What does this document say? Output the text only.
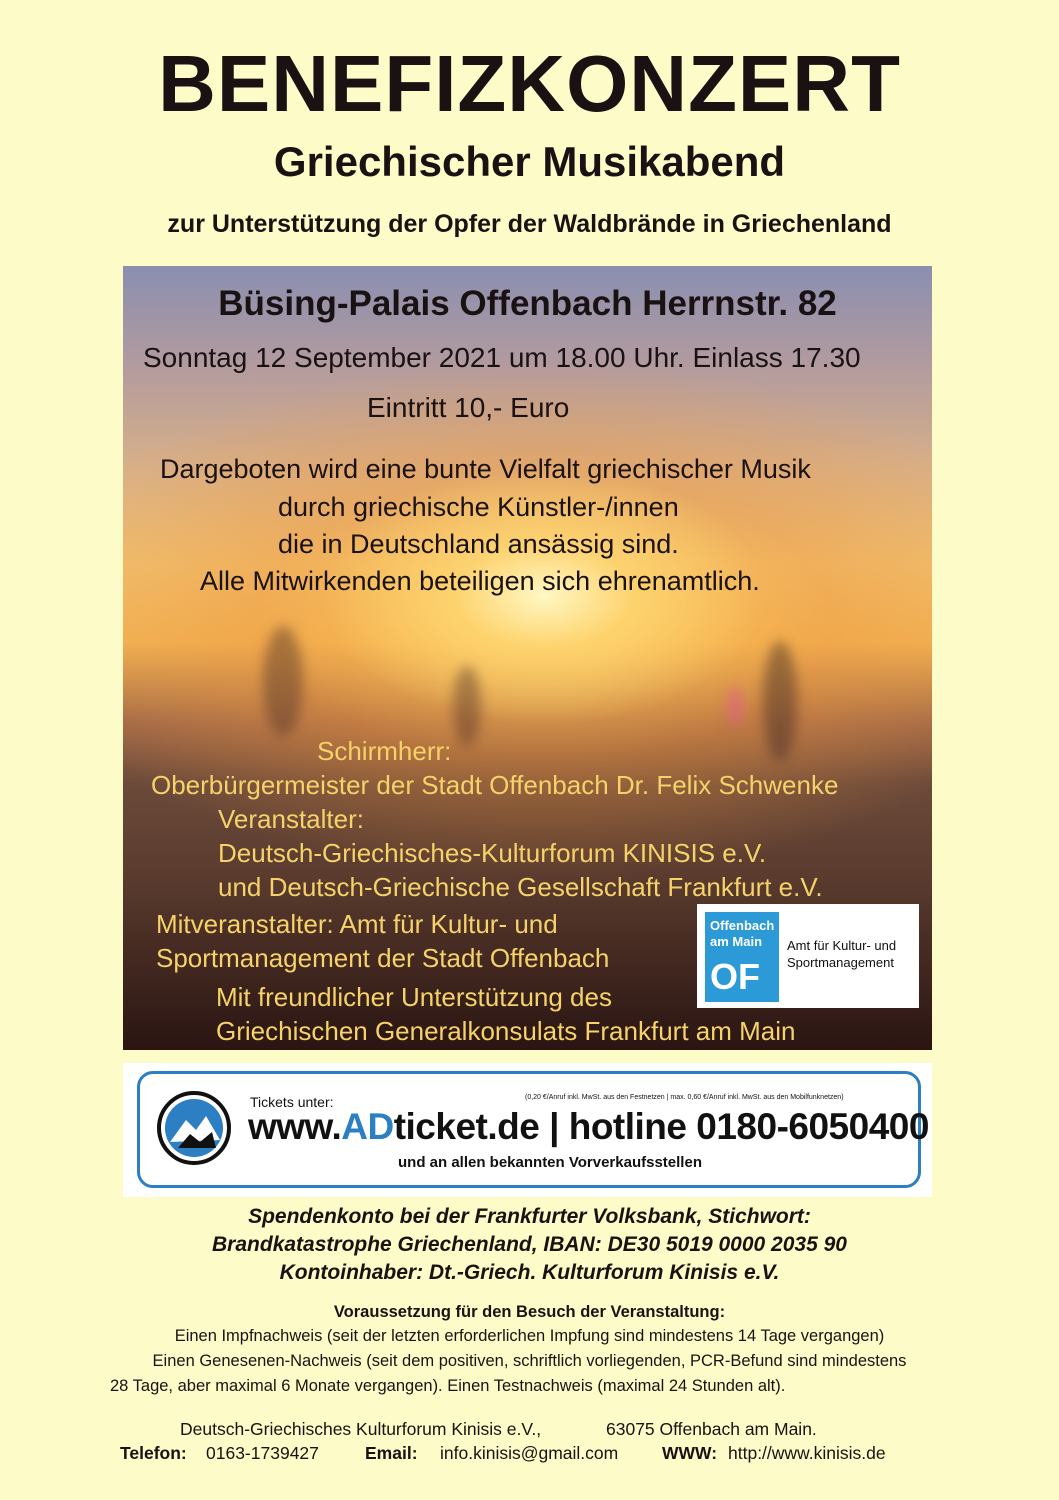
BENEFIZKONZERT
Griechischer Musikabend
zur Unterstützung der Opfer der Waldbrände in Griechenland
Büsing-Palais Offenbach Herrnstr. 82
Sonntag 12 September 2021 um 18.00 Uhr. Einlass 17.30
Eintritt 10,- Euro
Dargeboten wird eine bunte Vielfalt griechischer Musik
durch griechische Künstler-/innen
die in Deutschland ansässig sind.
Alle Mitwirkenden beteiligen sich ehrenamtlich.
Schirmherr:
Oberbürgermeister der Stadt Offenbach Dr. Felix Schwenke
Veranstalter:
Deutsch-Griechisches-Kulturforum KINISIS e.V.
und Deutsch-Griechische Gesellschaft Frankfurt e.V.
Mitveranstalter: Amt für Kultur- und
Sportmanagement der Stadt Offenbach
Mit freundlicher Unterstützung des
Griechischen Generalkonsulats Frankfurt am Main
Offenbach
am Main
OF
Amt für Kultur- und
Sportmanagement
Tickets unter:	(0,20 €/Anruf inkl. MwSt. aus den Festnetzen | max. 0,60 €/Anruf inkl. MwSt. aus den Mobilfunknetzen)
www.ADticket.de | hotline 0180-6050400
und an allen bekannten Vorverkaufsstellen
Spendenkonto bei der Frankfurter Volksbank, Stichwort:
Brandkatastrophe Griechenland, IBAN: DE30 5019 0000 2035 90
Kontoinhaber: Dt.-Griech. Kulturforum Kinisis e.V.
Voraussetzung für den Besuch der Veranstaltung:
Einen Impfnachweis (seit der letzten erforderlichen Impfung sind mindestens 14 Tage vergangen)
Einen Genesenen-Nachweis (seit dem positiven, schriftlich vorliegenden, PCR-Befund sind mindestens
28 Tage, aber maximal 6 Monate vergangen). Einen Testnachweis (maximal 24 Stunden alt).
Deutsch-Griechisches Kulturforum Kinisis e.V.,	63075 Offenbach am Main.
Telefon: 0163-1739427	Email: info.kinisis@gmail.com	WWW: http://www.kinisis.de
